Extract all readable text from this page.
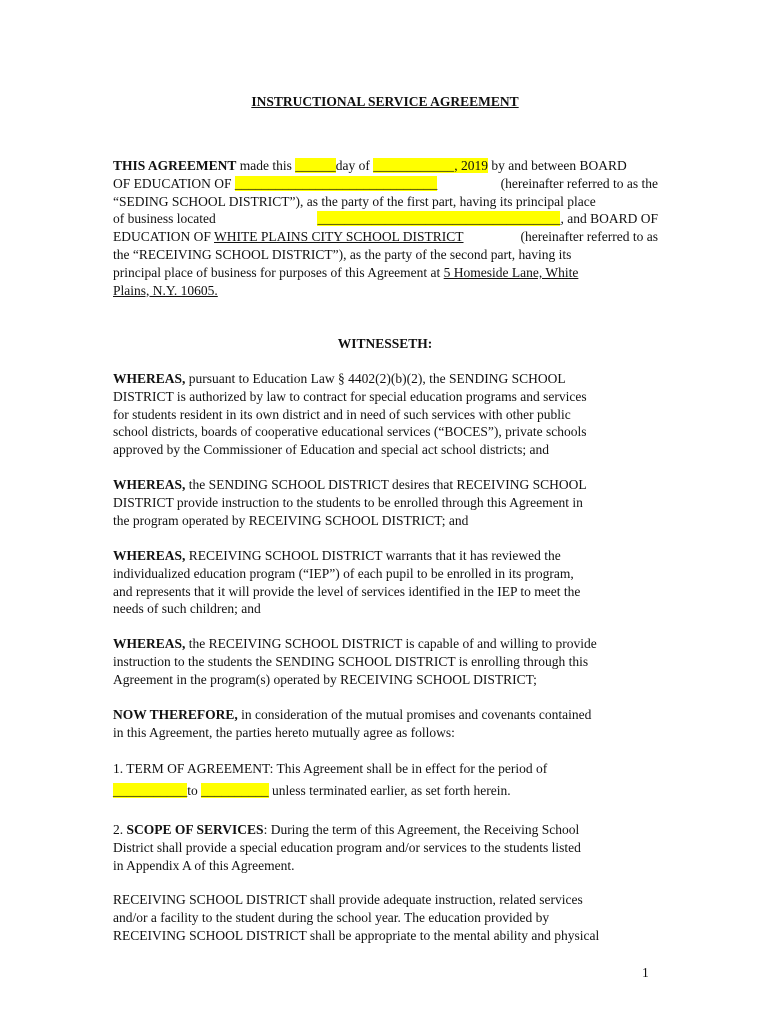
INSTRUCTIONAL SERVICE AGREEMENT
THIS AGREEMENT made this ______day of ____________, 2019 by and between BOARD
OF EDUCATION OF ______________________________	(hereinafter referred to as the
“SEDING SCHOOL DISTRICT”), as the party of the first part, having its principal place
of business located	____________________________________, and BOARD OF
EDUCATION OF WHITE PLAINS CITY SCHOOL DISTRICT	(hereinafter referred to as
the “RECEIVING SCHOOL DISTRICT”), as the party of the second part, having its
principal place of business for purposes of this Agreement at 5 Homeside Lane, White
Plains, N.Y. 10605.
WITNESSETH:
WHEREAS, pursuant to Education Law § 4402(2)(b)(2), the SENDING SCHOOL
DISTRICT is authorized by law to contract for special education programs and services
for students resident in its own district and in need of such services with other public
school districts, boards of cooperative educational services (“BOCES”), private schools
approved by the Commissioner of Education and special act school districts; and
WHEREAS, the SENDING SCHOOL DISTRICT desires that RECEIVING SCHOOL
DISTRICT provide instruction to the students to be enrolled through this Agreement in
the program operated by RECEIVING SCHOOL DISTRICT; and
WHEREAS, RECEIVING SCHOOL DISTRICT warrants that it has reviewed the
individualized education program (“IEP”) of each pupil to be enrolled in its program,
and represents that it will provide the level of services identified in the IEP to meet the
needs of such children; and
WHEREAS, the RECEIVING SCHOOL DISTRICT is capable of and willing to provide
instruction to the students the SENDING SCHOOL DISTRICT is enrolling through this
Agreement in the program(s) operated by RECEIVING SCHOOL DISTRICT;
NOW THEREFORE, in consideration of the mutual promises and covenants contained
in this Agreement, the parties hereto mutually agree as follows:
1. TERM OF AGREEMENT: This Agreement shall be in effect for the period of
___________to __________ unless terminated earlier, as set forth herein.
2. SCOPE OF SERVICES: During the term of this Agreement, the Receiving School
District shall provide a special education program and/or services to the students listed
in Appendix A of this Agreement.
RECEIVING SCHOOL DISTRICT shall provide adequate instruction, related services
and/or a facility to the student during the school year. The education provided by
RECEIVING SCHOOL DISTRICT shall be appropriate to the mental ability and physical
1
